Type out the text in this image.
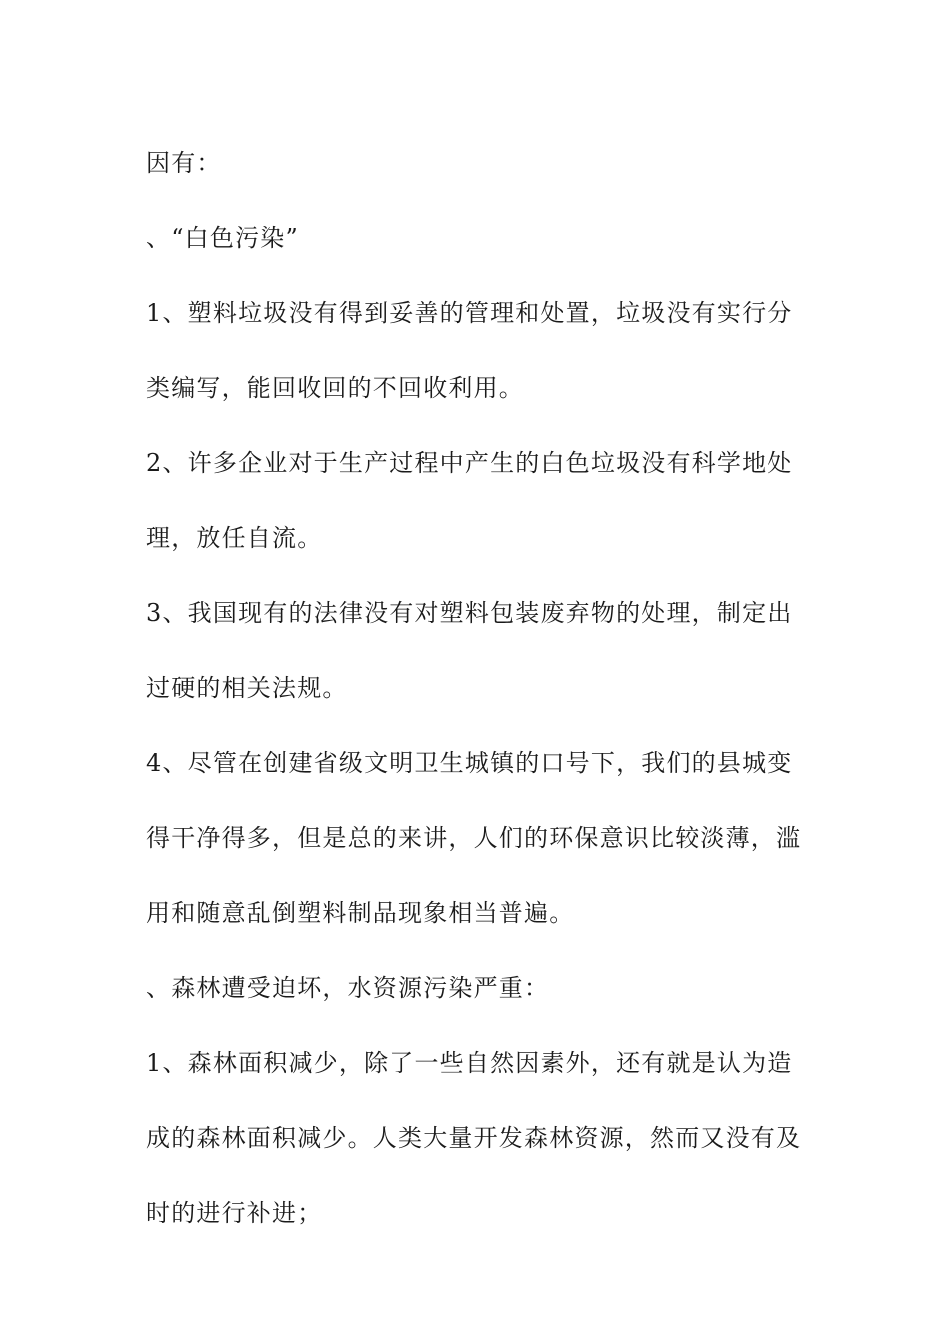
因有：

、“白色污染”

1、塑料垃圾没有得到妥善的管理和处置，垃圾没有实行分类编写，能回收回的不回收利用。

2、许多企业对于生产过程中产生的白色垃圾没有科学地处理，放任自流。

3、我国现有的法律没有对塑料包装废弃物的处理，制定出过硬的相关法规。

4、尽管在创建省级文明卫生城镇的口号下，我们的县城变得干净得多，但是总的来讲，人们的环保意识比较淡薄，滥用和随意乱倒塑料制品现象相当普遍。

、森林遭受迫坏，水资源污染严重：

1、森林面积减少，除了一些自然因素外，还有就是认为造成的森林面积减少。人类大量开发森林资源，然而又没有及时的进行补进；
